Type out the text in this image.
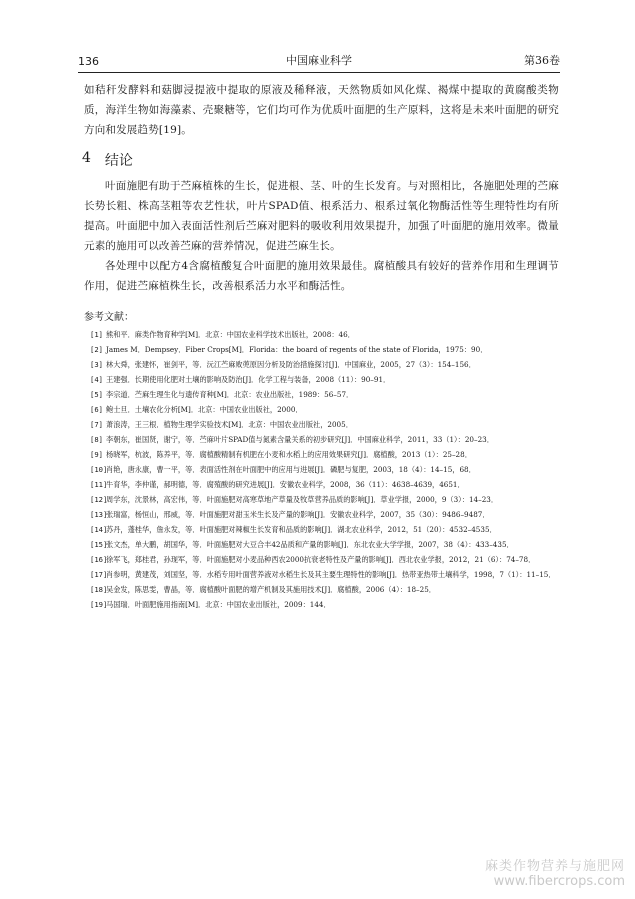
136	中国麻业科学	第36卷

如秸秆发酵料和菇脚浸提液中提取的原液及稀释液，天然物质如风化煤、褐煤中提取的黄腐酸类物质，海洋生物如海藻素、壳聚糖等，它们均可作为优质叶面肥的生产原料，这将是未来叶面肥的研究方向和发展趋势[19]。

4 结论

叶面施肥有助于苎麻植株的生长，促进根、茎、叶的生长发育。与对照相比，各施肥处理的苎麻长势长粗、株高茎粗等农艺性状，叶片SPAD值、根系活力、根系过氧化物酶活性等生理特性均有所提高。叶面肥中加入表面活性剂后苎麻对肥料的吸收利用效果提升，加强了叶面肥的施用效率。微量元素的施用可以改善苎麻的营养情况，促进苎麻生长。

各处理中以配方4含腐植酸复合叶面肥的施用效果最佳。腐植酸具有较好的营养作用和生理调节作用，促进苎麻植株生长，改善根系活力水平和酶活性。

参考文献：

[1] 熊和平．麻类作物育种学[M]．北京：中国农业科学技术出版社，2008：46．

[2] James M．Dempsey．Fiber Crops[M]．Florida：the board of regents of the state of Florida，1975：90．

[3] 林大舜，张建怀，崔剑平，等．沅江苎麻败蔸原因分析及防治措施探讨[J]．中国麻业，2005，27（3）：154–156．

[4] 王建强．长期使用化肥对土壤的影响及防治[J]．化学工程与装备，2008（11）：90–91．

[5] 李宗道．苎麻生理生化与遗传育种[M]．北京：农业出版社，1989：56–57．

[6] 鲍士旦．土壤农化分析[M]．北京：中国农业出版社，2000．

[7] 萧浪涛，王三根．植物生理学实验技术[M]．北京：中国农业出版社，2005．

[8] 李朝东，崔国贤，谢宁，等．苎麻叶片SPAD值与氮素含量关系的初步研究[J]．中国麻业科学，2011，33（1）：20–23．

[9] 杨晓军，杭波，陈养平，等．腐植酸精制有机肥在小麦和水稻上的应用效果研究[J]．腐植酸，2013（1）：25–28．

[10]肖艳，唐永康，曹一平，等．表面活性剂在叶面肥中的应用与进展[J]．磷肥与复肥，2003，18（4）：14–15，68．

[11]牛育华，李仲谨，郝明德，等．腐殖酸的研究进展[J]．安徽农业科学，2008，36（11）：4638–4639，4651．

[12]周学东，沈景林，高宏伟，等．叶面施肥对高寒草地产草量及牧草营养品质的影响[J]．草业学报，2000，9（3）：14–23．

[13]张瑞富，杨恒山，邢威，等．叶面施肥对甜玉米生长及产量的影响[J]．安徽农业科学，2007，35（30）：9486–9487．

[14]苏丹，蓬桂华，詹永发，等．叶面施肥对辣椒生长发育和品质的影响[J]．湖北农业科学，2012，51（20）：4532–4535．

[15]张文杰，单大鹏，胡国华，等．叶面施肥对大豆合丰42品质和产量的影响[J]．东北农业大学学报，2007，38（4）：433–435．

[16]徐军飞，郑桂君，孙现军，等．叶面施肥对小麦品种西农2000抗衰老特性及产量的影响[J]．西北农业学报，2012，21（6）：74–78．

[17]肖参明，黄建茂，刘国坚，等．水稻专用叶面营养液对水稻生长及其主要生理特性的影响[J]．热带亚热带土壤科学，1998，7（1）：11–15．

[18]吴金发，陈思雯，曹晶，等．腐植酸叶面肥的增产机制及其施用技术[J]．腐植酸，2006（4）：18–25．

[19]马国瑞．叶面肥施用指南[M]．北京：中国农业出版社，2009：144．

麻类作物营养与施肥网
www.fibercrops.com
